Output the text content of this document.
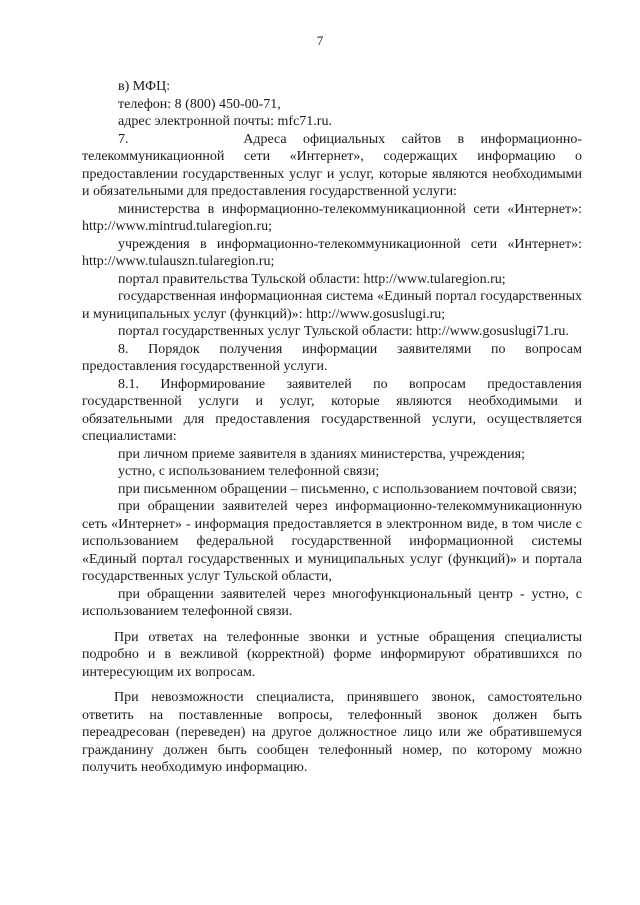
7

в) МФЦ:

телефон: 8 (800) 450-00-71,

адрес электронной почты: mfc71.ru.

7.       Адреса официальных сайтов в информационно-телекоммуникационной сети «Интернет», содержащих информацию о предоставлении государственных услуг и услуг, которые являются необходимыми и обязательными для предоставления государственной услуги:

министерства в информационно-телекоммуникационной сети «Интернет»: http://www.mintrud.tularegion.ru;

учреждения в информационно-телекоммуникационной сети «Интернет»: http://www.tulauszn.tularegion.ru;

портал правительства Тульской области: http://www.tularegion.ru;

государственная информационная система «Единый портал государственных и муниципальных услуг (функций)»: http://www.gosuslugi.ru;

портал государственных услуг Тульской области: http://www.gosuslugi71.ru.

8. Порядок получения информации заявителями по вопросам предоставления государственной услуги.

8.1. Информирование заявителей по вопросам предоставления государственной услуги и услуг, которые являются необходимыми и обязательными для предоставления государственной услуги, осуществляется специалистами:

при личном приеме заявителя в зданиях министерства, учреждения;

устно, с использованием телефонной связи;

при письменном обращении – письменно, с использованием почтовой связи;

при обращении заявителей через информационно-телекоммуникационную сеть «Интернет» - информация предоставляется в электронном виде, в том числе с использованием федеральной государственной информационной системы «Единый портал государственных и муниципальных услуг (функций)» и портала государственных услуг Тульской области,

при обращении заявителей через многофункциональный центр - устно, с использованием телефонной связи.

При ответах на телефонные звонки и устные обращения специалисты подробно и в вежливой (корректной) форме информируют обратившихся по интересующим их вопросам.

При невозможности специалиста, принявшего звонок, самостоятельно ответить на поставленные вопросы, телефонный звонок должен быть переадресован (переведен) на другое должностное лицо или же обратившемуся гражданину должен быть сообщен телефонный номер, по которому можно получить необходимую информацию.
